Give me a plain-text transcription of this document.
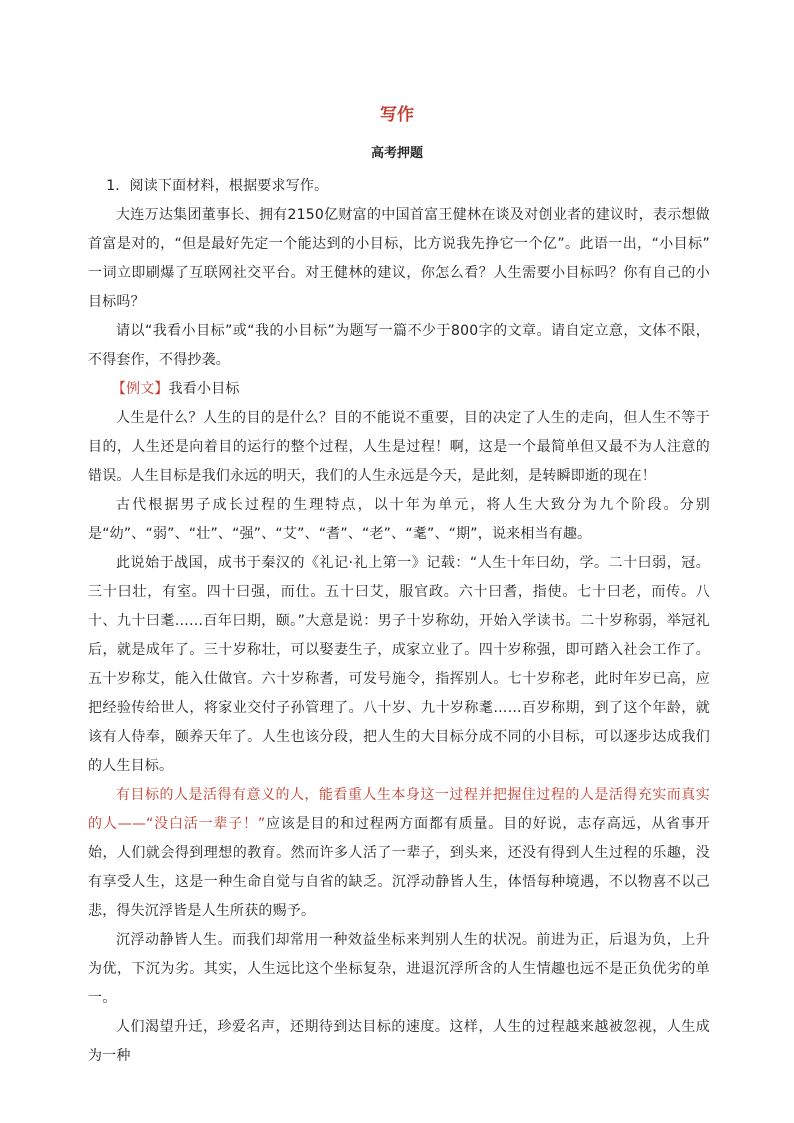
写作
高考押题

1．阅读下面材料，根据要求写作。

大连万达集团董事长、拥有2150亿财富的中国首富王健林在谈及对创业者的建议时，表示想做首富是对的，“但是最好先定一个能达到的小目标，比方说我先挣它一个亿”。此语一出，“小目标” 一词立即刷爆了互联网社交平台。对王健林的建议，你怎么看？人生需要小目标吗？你有自己的小目标吗？

请以“我看小目标”或“我的小目标”为题写一篇不少于800字的文章。请自定立意，文体不限，不得套作，不得抄袭。

【例文】我看小目标

人生是什么？人生的目的是什么？目的不能说不重要，目的决定了人生的走向，但人生不等于目的，人生还是向着目的运行的整个过程，人生是过程！啊，这是一个最简单但又最不为人注意的错误。人生目标是我们永远的明天，我们的人生永远是今天，是此刻，是转瞬即逝的现在！

古代根据男子成长过程的生理特点，以十年为单元，将人生大致分为九个阶段。分别是“幼”、“弱”、“壮”、“强”、“艾”、“耆”、“老”、“耄”、“期”，说来相当有趣。

此说始于战国，成书于秦汉的《礼记·礼上第一》记载：“人生十年曰幼，学。二十曰弱，冠。三十曰壮，有室。四十曰强，而仕。五十曰艾，服官政。六十曰耆，指使。七十曰老，而传。八十、九十曰耄……百年曰期，颐。”大意是说：男子十岁称幼，开始入学读书。二十岁称弱，举冠礼后，就是成年了。三十岁称壮，可以娶妻生子，成家立业了。四十岁称强，即可踏入社会工作了。五十岁称艾，能入仕做官。六十岁称耆，可发号施令，指挥别人。七十岁称老，此时年岁已高，应把经验传给世人，将家业交付子孙管理了。八十岁、九十岁称耄……百岁称期，到了这个年龄，就该有人侍奉，颐养天年了。人生也该分段，把人生的大目标分成不同的小目标，可以逐步达成我们的人生目标。

有目标的人是活得有意义的人，能看重人生本身这一过程并把握住过程的人是活得充实而真实的人——“没白活一辈子！”应该是目的和过程两方面都有质量。目的好说，志存高远，从省事开始，人们就会得到理想的教育。然而许多人活了一辈子，到头来，还没有得到人生过程的乐趣，没有享受人生，这是一种生命自觉与自省的缺乏。沉浮动静皆人生，体悟每种境遇，不以物喜不以己悲，得失沉浮皆是人生所获的赐予。

沉浮动静皆人生。而我们却常用一种效益坐标来判别人生的状况。前进为正，后退为负，上升为优，下沉为劣。其实，人生远比这个坐标复杂，进退沉浮所含的人生情趣也远不是正负优劣的单一。

人们渴望升迁，珍爱名声，还期待到达目标的速度。这样，人生的过程越来越被忽视，人生成为一种
